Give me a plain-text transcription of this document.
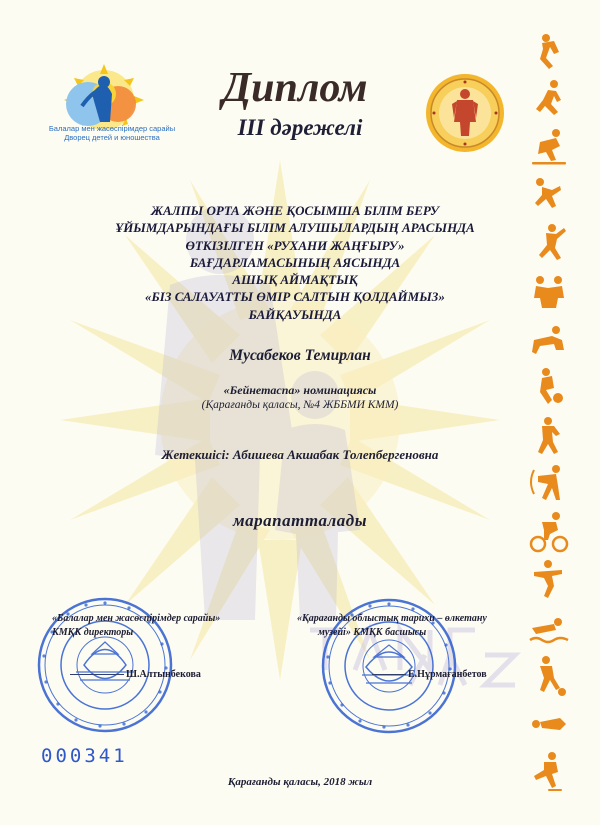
Балалар мен жасөспірімдер сарайы
Дворец детей и юношества
Диплом
ІІІ дәрежелі
ЖАЛПЫ ОРТА ЖӘНЕ ҚОСЫМША БІЛІМ БЕРУ
ҰЙЫМДАРЫНДАҒЫ БІЛІМ АЛУШЫЛАРДЫҢ АРАСЫНДА
ӨТКІЗІЛГЕН «РУХАНИ ЖАҢҒЫРУ»
БАҒДАРЛАМАСЫНЫҢ АЯСЫНДА
АШЫҚ АЙМАҚТЫҚ
«БІЗ САЛАУАТТЫ ӨМІР САЛТЫН ҚОЛДАЙМЫЗ»
БАЙҚАУЫНДА
Мусабеков Темирлан
«Бейнетаспа» номинациясы
(Қарағанды қаласы, №4 ЖББМИ КММ)
Жетекшісі: Абишева Акшабак Толепбергеновна
марапатталады
«Балалар мен жасөспірімдер сарайы»
КМҚК директоры
Ш.Алтынбекова
«Қарағанды облыстық тарихи – өлкетану
музейі» КМҚК басшысы
Е.Нұрмағанбетов
000341
Қарағанды қаласы, 2018 жыл
